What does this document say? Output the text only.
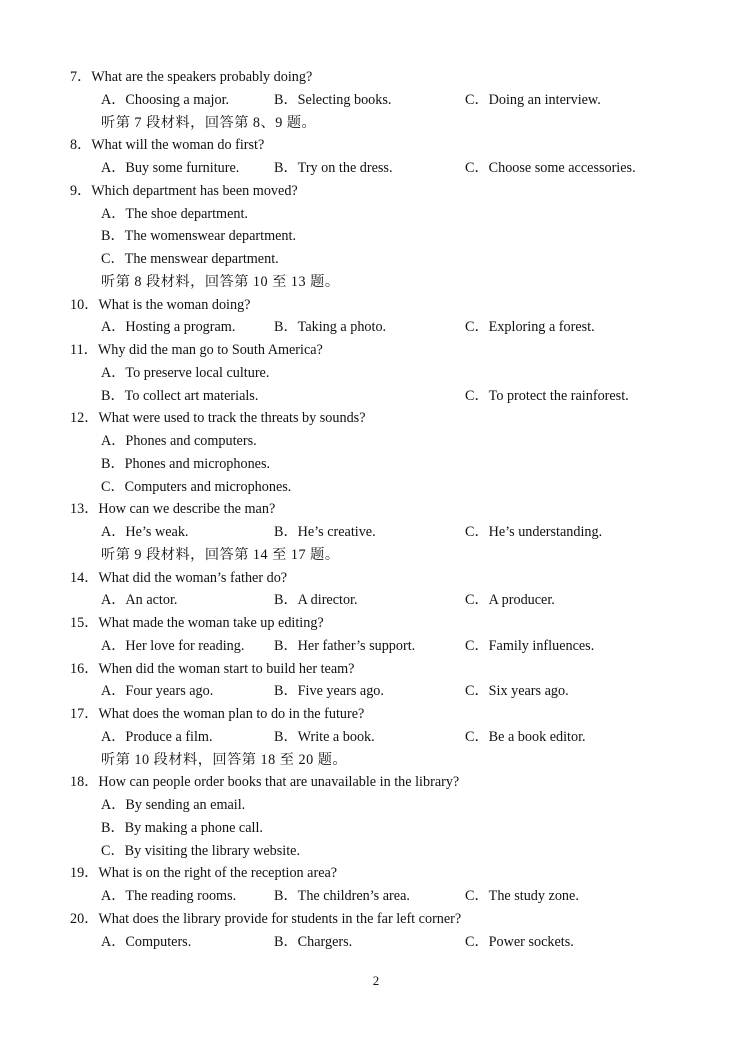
7．What are the speakers probably doing?
A．Choosing a major.	B．Selecting books.	C．Doing an interview.
听第 7 段材料，回答第 8、9 题。
8．What will the woman do first?
A．Buy some furniture. B．Try on the dress.	C．Choose some accessories.
9．Which department has been moved?
A．The shoe department.
B．The womenswear department.
C．The menswear department.
听第 8 段材料，回答第 10 至 13 题。
10．What is the woman doing?
A．Hosting a program.	B．Taking a photo.	C．Exploring a forest.
11．Why did the man go to South America?
A．To preserve local culture.
B．To collect art materials.	C．To protect the rainforest.
12．What were used to track the threats by sounds?
A．Phones and computers.
B．Phones and microphones.
C．Computers and microphones.
13．How can we describe the man?
A．He’s weak.	B．He’s creative.	C．He’s understanding.
听第 9 段材料，回答第 14 至 17 题。
14．What did the woman’s father do?
A．An actor.	B．A director.	C．A producer.
15．What made the woman take up editing?
A．Her love for reading. B．Her father’s support.	C．Family influences.
16．When did the woman start to build her team?
A．Four years ago.	B．Five years ago.	C．Six years ago.
17．What does the woman plan to do in the future?
A．Produce a film.	B．Write a book.	C．Be a book editor.
听第 10 段材料，回答第 18 至 20 题。
18．How can people order books that are unavailable in the library?
A．By sending an email.
B．By making a phone call.
C．By visiting the library website.
19．What is on the right of the reception area?
A．The reading rooms.	B．The children’s area.	C．The study zone.
20．What does the library provide for students in the far left corner?
A．Computers.	B．Chargers.	C．Power sockets.
2
